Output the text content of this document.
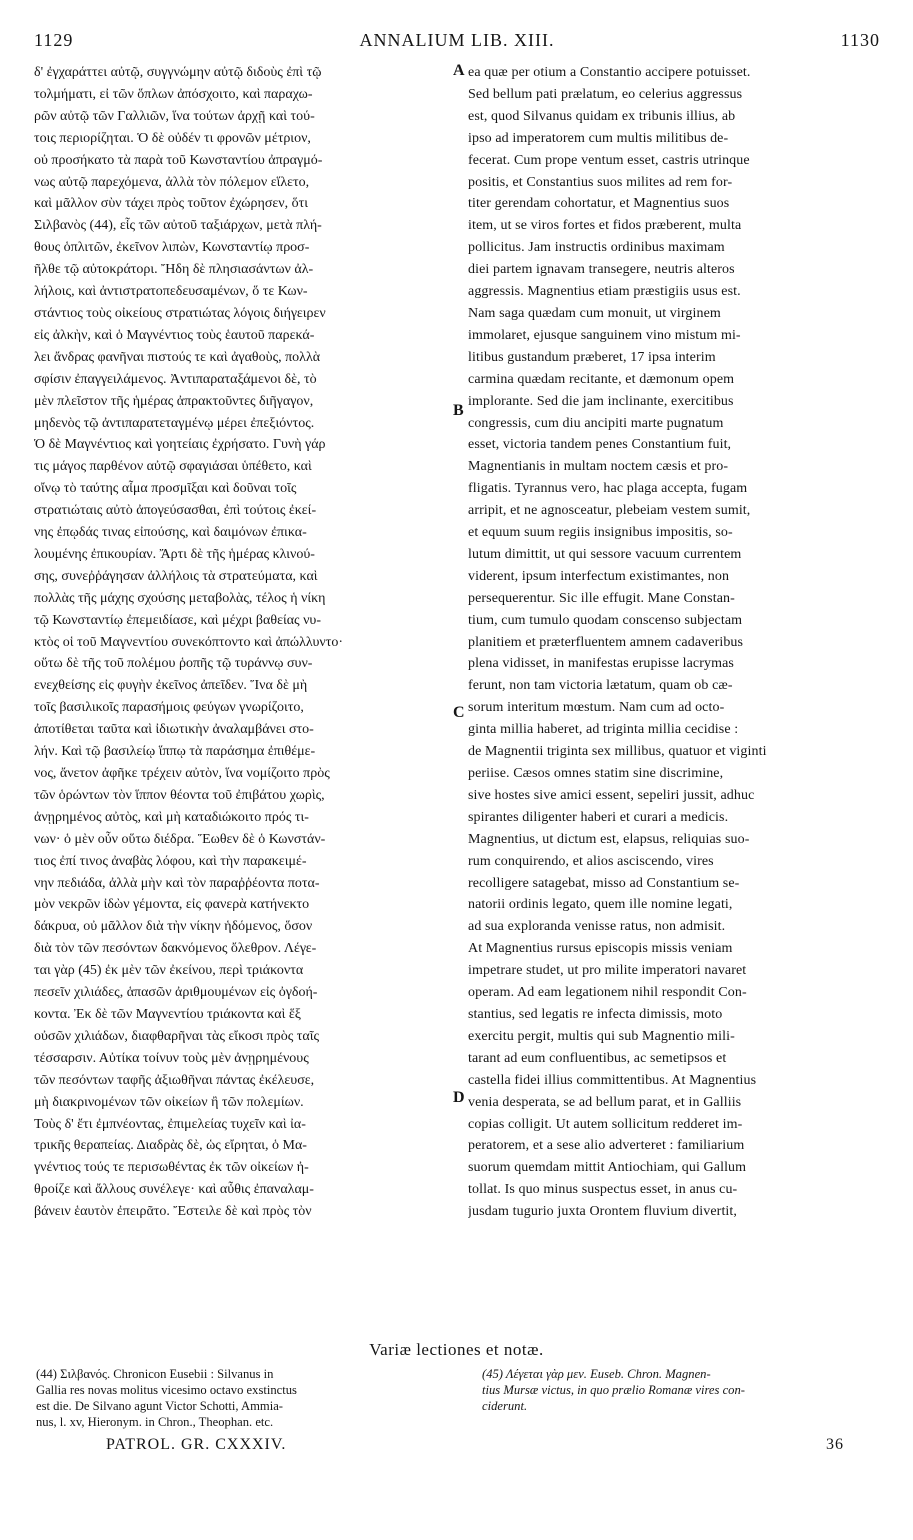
1129	ANNALIUM LIB. XIII.	1130
δ' ἐγχαράττει αὐτῷ, συγγνώμην αὐτῷ διδοὺς ἐπὶ τῷ
τολμήματι, εἰ τῶν ὅπλων ἀπόσχοιτο, καὶ παραχω-
ρῶν αὐτῷ τῶν Γαλλιῶν, ἵνα τούτων ἀρχῇ καὶ τού-
τοις περιορίζηται. Ὁ δὲ οὐδέν τι φρονῶν μέτριον,
οὐ προσήκατο τὰ παρὰ τοῦ Κωνσταντίου ἀπραγμό-
νως αὐτῷ παρεχόμενα, ἀλλὰ τὸν πόλεμον εἵλετο,
καὶ μᾶλλον σὺν τάχει πρὸς τοῦτον ἐχώρησεν, ὅτι
Σιλβανὸς (44), εἷς τῶν αὐτοῦ ταξιάρχων, μετὰ πλή-
θους ὁπλιτῶν, ἐκεῖνον λιπὼν, Κωνσταντίῳ προσ-
ῆλθε τῷ αὐτοκράτορι. Ἤδη δὲ πλησιασάντων ἀλ-
λήλοις, καὶ ἀντιστρατοπεδευσαμένων, ὅ τε Κων-
στάντιος τοὺς οἰκείους στρατιώτας λόγοις διήγειρεν
εἰς ἀλκὴν, καὶ ὁ Μαγνέντιος τοὺς ἑαυτοῦ παρεκά-
λει ἄνδρας φανῆναι πιστούς τε καὶ ἀγαθοὺς, πολλὰ
σφίσιν ἐπαγγειλάμενος. Ἀντιπαραταξάμενοι δὲ, τὸ
μὲν πλεῖστον τῆς ἡμέρας ἀπρακτοῦντες διῆγαγον,
μηδενὸς τῷ ἀντιπαρατεταγμένῳ μέρει ἐπεξιόντος.
Ὁ δὲ Μαγνέντιος καὶ γοητείαις ἐχρήσατο. Γυνὴ γάρ
τις μάγος παρθένον αὐτῷ σφαγιάσαι ὑπέθετο, καὶ
οἴνῳ τὸ ταύτης αἷμα προσμῖξαι καὶ δοῦναι τοῖς
στρατιώταις αὐτὸ ἀπογεύσασθαι, ἐπὶ τούτοις ἐκεί-
νης ἐπῳδάς τινας εἰπούσης, καὶ δαιμόνων ἐπικα-
λουμένης ἐπικουρίαν. Ἄρτι δὲ τῆς ἡμέρας κλινού-
σης, συνεῤῥάγησαν ἀλλήλοις τὰ στρατεύματα, καὶ
πολλὰς τῆς μάχης σχούσης μεταβολὰς, τέλος ἡ νίκη
τῷ Κωνσταντίῳ ἐπεμειδίασε, καὶ μέχρι βαθείας νυ-
κτὸς οἱ τοῦ Μαγνεντίου συνεκόπτοντο καὶ ἀπώλλυντο·
οὕτω δὲ τῆς τοῦ πολέμου ῥοπῆς τῷ τυράννῳ συν-
ενεχθείσης εἰς φυγὴν ἐκεῖνος ἀπεῖδεν. Ἵνα δὲ μὴ
τοῖς βασιλικοῖς παρασήμοις φεύγων γνωρίζοιτο,
ἀποτίθεται ταῦτα καὶ ἰδιωτικὴν ἀναλαμβάνει στο-
λήν. Καὶ τῷ βασιλείῳ ἵππῳ τὰ παράσημα ἐπιθέμε-
νος, ἄνετον ἀφῆκε τρέχειν αὐτὸν, ἵνα νομίζοιτο πρὸς
τῶν ὁρώντων τὸν ἵππον θέοντα τοῦ ἐπιβάτου χωρὶς,
ἀνῃρημένος αὐτὸς, καὶ μὴ καταδιώκοιτο πρός τι-
νων· ὁ μὲν οὖν οὕτω διέδρα. Ἕωθεν δὲ ὁ Κωνστάν-
τιος ἐπί τινος ἀναβὰς λόφου, καὶ τὴν παρακειμέ-
νην πεδιάδα, ἀλλὰ μὴν καὶ τὸν παραῤῥέοντα ποτα-
μὸν νεκρῶν ἰδὼν γέμοντα, εἰς φανερὰ κατήνεκτο
δάκρυα, οὐ μᾶλλον διὰ τὴν νίκην ἡδόμενος, ὅσον
διὰ τὸν τῶν πεσόντων δακνόμενος ὄλεθρον. Λέγε-
ται γὰρ (45) ἐκ μὲν τῶν ἐκείνου, περὶ τριάκοντα
πεσεῖν χιλιάδες, ἁπασῶν ἀριθμουμένων εἰς ὀγδοή-
κοντα. Ἐκ δὲ τῶν Μαγνεντίου τριάκοντα καὶ ἕξ
οὐσῶν χιλιάδων, διαφθαρῆναι τὰς εἴκοσι πρὸς ταῖς
τέσσαρσιν. Αὐτίκα τοίνυν τοὺς μὲν ἀνῃρημένους
τῶν πεσόντων ταφῆς ἀξιωθῆναι πάντας ἐκέλευσε,
μὴ διακρινομένων τῶν οἰκείων ἢ τῶν πολεμίων.
Τοὺς δ' ἔτι ἐμπνέοντας, ἐπιμελείας τυχεῖν καὶ ἰα-
τρικῆς θεραπείας. Διαδρὰς δὲ, ὡς εἴρηται, ὁ Μα-
γνέντιος τούς τε περισωθέντας ἐκ τῶν οἰκείων ἠ-
θροίζε καὶ ἄλλους συνέλεγε· καὶ αὖθις ἐπαναλαμ-
βάνειν ἑαυτὸν ἐπειρᾶτο. Ἔστειλε δὲ καὶ πρὸς τὸν
ea quæ per otium a Constantio accipere potuisset.
Sed bellum pati prælatum, eo celerius aggressus
est, quod Silvanus quidam ex tribunis illius, ab
ipso ad imperatorem cum multis militibus de-
fecerat. Cum prope ventum esset, castris utrinque
positis, et Constantius suos milites ad rem for-
titer gerendam cohortatur, et Magnentius suos
item, ut se viros fortes et fidos præberent, multa
pollicitus. Jam instructis ordinibus maximam
diei partem ignavam transegere, neutris alteros
aggressis. Magnentius etiam præstigiis usus est.
Nam saga quædam cum monuit, ut virginem
immolaret, ejusque sanguinem vino mistum mi-
litibus gustandum præberet, 17 ipsa interim
carmina quædam recitante, et dæmonum opem
implorante. Sed die jam inclinante, exercitibus
congressis, cum diu ancipiti marte pugnatum
esset, victoria tandem penes Constantium fuit,
Magnentianis in multam noctem cæsis et pro-
fligatis. Tyrannus vero, hac plaga accepta, fugam
arripit, et ne agnosceatur, plebeiam vestem sumit,
et equum suum regiis insignibus impositis, so-
lutum dimittit, ut qui sessore vacuum currentem
viderent, ipsum interfectum existimantes, non
persequerentur. Sic ille effugit. Mane Constan-
tium, cum tumulo quodam conscenso subjectam
planitiem et præterfluentem amnem cadaveribus
plena vidisset, in manifestas erupisse lacrymas
ferunt, non tam victoria lætatum, quam ob cæ-
sorum interitum mœstum. Nam cum ad octo-
ginta millia haberet, ad triginta millia cecidise :
de Magnentii triginta sex millibus, quatuor et viginti
periise. Cæsos omnes statim sine discrimine,
sive hostes sive amici essent, sepeliri jussit, adhuc
spirantes diligenter haberi et curari a medicis.
Magnentius, ut dictum est, elapsus, reliquias suo-
rum conquirendo, et alios asciscendo, vires
recolligere satagebat, misso ad Constantium se-
natorii ordinis legato, quem ille nomine legati,
ad sua exploranda venisse ratus, non admisit.
At Magnentius rursus episcopis missis veniam
impetrare studet, ut pro milite imperatori navaret
operam. Ad eam legationem nihil respondit Con-
stantius, sed legatis re infecta dimissis, moto
exercitu pergit, multis qui sub Magnentio mili-
tarant ad eum confluentibus, ac semetipsos et
castella fidei illius committentibus. At Magnentius
venia desperata, se ad bellum parat, et in Galliis
copias colligit. Ut autem sollicitum redderet im-
peratorem, et a sese alio adverteret : familiarium
suorum quemdam mittit Antiochiam, qui Gallum
tollat. Is quo minus suspectus esset, in anus cu-
jusdam tugurio juxta Orontem fluvium divertit,
A
B
C
D
Variæ lectiones et notæ.
(44) Σιλβανός. Chronicon Eusebii : Silvanus in
Gallia res novas molitus vicesimo octavo exstinctus
est die. De Silvano agunt Victor Schotti, Ammia-
nus, l. xv, Hieronym. in Chron., Theophan. etc.
(45) Λέγεται γὰρ μεν. Euseb. Chron. Magnen-
tius Mursæ victus, in quo prælio Romanæ vires con-
ciderunt.
PATROL. GR. CXXXIV.	36
